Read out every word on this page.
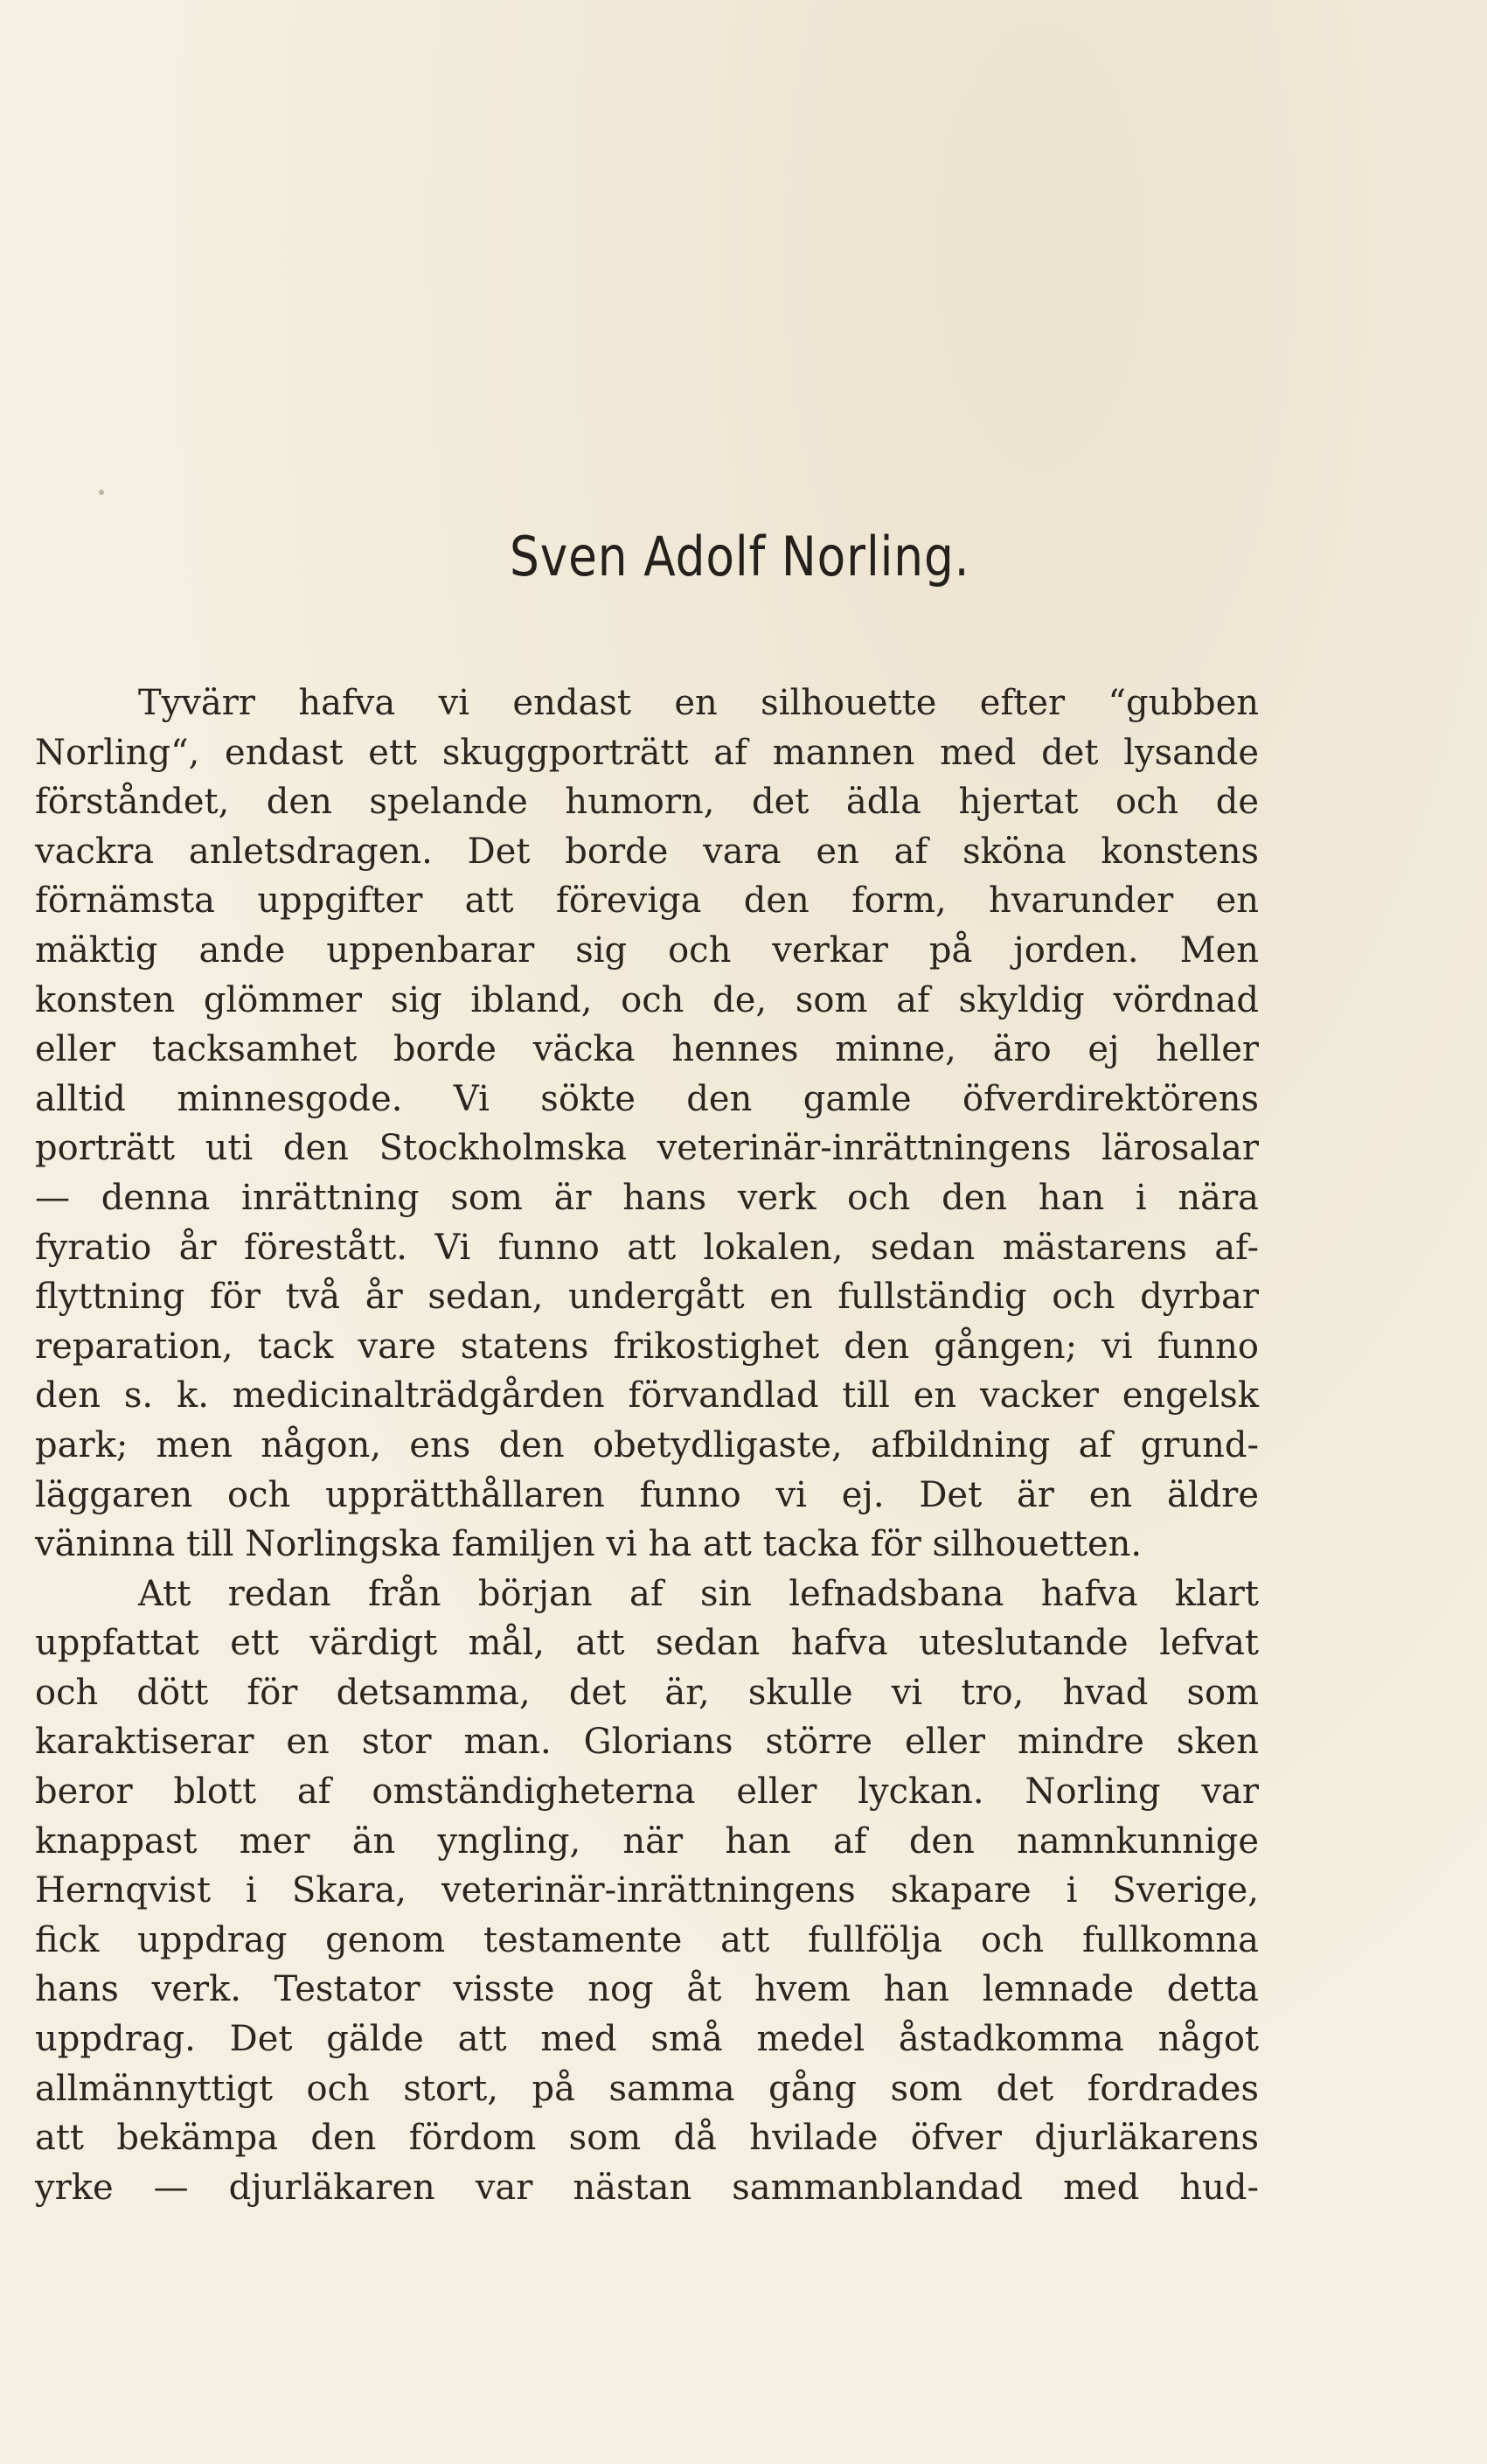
Sven Adolf Norling.
Tyvärr hafva vi endast en silhouette efter “gubben
Norling“, endast ett skuggporträtt af mannen med det lysande
förståndet, den spelande humorn, det ädla hjertat och de
vackra anletsdragen. Det borde vara en af sköna konstens
förnämsta uppgifter att föreviga den form, hvarunder en
mäktig ande uppenbarar sig och verkar på jorden. Men
konsten glömmer sig ibland, och de, som af skyldig vördnad
eller tacksamhet borde väcka hennes minne, äro ej heller
alltid minnesgode. Vi sökte den gamle öfverdirektörens
porträtt uti den Stockholmska veterinär-inrättningens lärosalar
— denna inrättning som är hans verk och den han i nära
fyratio år förestått. Vi funno att lokalen, sedan mästarens af-
flyttning för två år sedan, undergått en fullständig och dyrbar
reparation, tack vare statens frikostighet den gången; vi funno
den s. k. medicinalträdgården förvandlad till en vacker engelsk
park; men någon, ens den obetydligaste, afbildning af grund-
läggaren och upprätthållaren funno vi ej. Det är en äldre
väninna till Norlingska familjen vi ha att tacka för silhouetten.
Att redan från början af sin lefnadsbana hafva klart
uppfattat ett värdigt mål, att sedan hafva uteslutande lefvat
och dött för detsamma, det är, skulle vi tro, hvad som
karaktiserar en stor man. Glorians större eller mindre sken
beror blott af omständigheterna eller lyckan. Norling var
knappast mer än yngling, när han af den namnkunnige
Hernqvist i Skara, veterinär-inrättningens skapare i Sverige,
fick uppdrag genom testamente att fullfölja och fullkomna
hans verk. Testator visste nog åt hvem han lemnade detta
uppdrag. Det gälde att med små medel åstadkomma något
allmännyttigt och stort, på samma gång som det fordrades
att bekämpa den fördom som då hvilade öfver djurläkarens
yrke — djurläkaren var nästan sammanblandad med hud-
